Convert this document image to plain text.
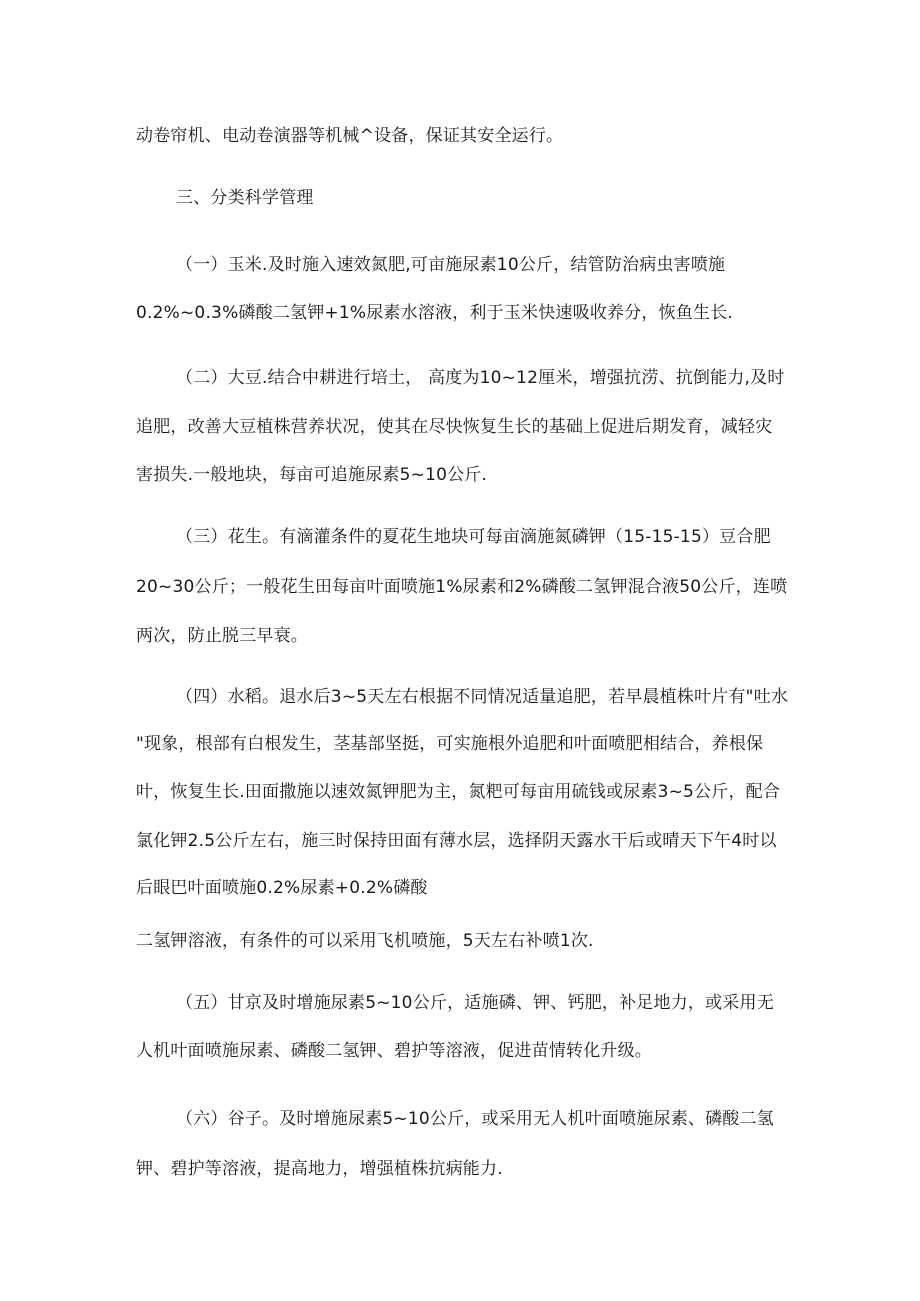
动卷帘机、电动卷演器等机械^设备，保证其安全运行。

三、分类科学管理

（一）玉米.及时施入速效氮肥,可亩施尿素10公斤，结管防治病虫害喷施

0.2%~0.3%磷酸二氢钾+1%尿素水溶液，利于玉米快速吸收养分，恢鱼生长.

（二）大豆.结合中耕进行培土， 高度为10~12厘米，增强抗涝、抗倒能力,及时

追肥，改善大豆植株营养状况，使其在尽快恢复生长的基础上促进后期发育，减轻灾

害损失.一般地块，每亩可追施尿素5~10公斤.

（三）花生。有滴灌条件的夏花生地块可每亩滴施氮磷钾（15-15-15）豆合肥

20~30公斤；一般花生田每亩叶面喷施1%尿素和2%磷酸二氢钾混合液50公斤，连喷

两次，防止脱三早衰。

（四）水稻。退水后3~5天左右根据不同情况适量追肥，若早晨植株叶片有"吐水

"现象，根部有白根发生，茎基部坚挺，可实施根外追肥和叶面喷肥相结合，养根保

叶，恢复生长.田面撒施以速效氮钾肥为主，氮粑可每亩用硫钱或尿素3~5公斤，配合

氯化钾2.5公斤左右，施三时保持田面有薄水层，选择阴天露水干后或晴天下午4时以

后眼巴叶面喷施0.2%尿素+0.2%磷酸

二氢钾溶液，有条件的可以采用飞机喷施，5天左右补喷1次.

（五）甘京及时增施尿素5~10公斤，适施磷、钾、钙肥，补足地力，或采用无

人机叶面喷施尿素、磷酸二氢钾、碧护等溶液，促进苗情转化升级。

（六）谷子。及时增施尿素5~10公斤，或采用无人机叶面喷施尿素、磷酸二氢

钾、碧护等溶液，提高地力，增强植株抗病能力.
